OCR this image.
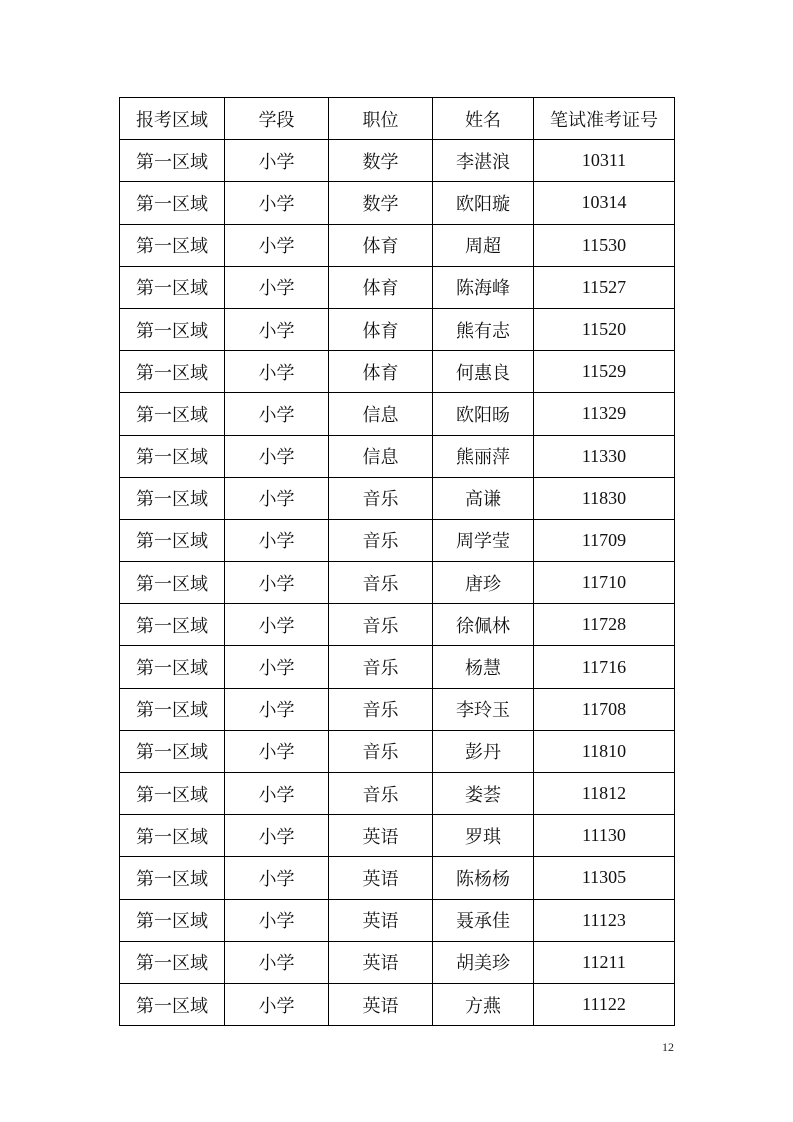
报考区域	学段	职位	姓名	笔试准考证号
第一区域	小学	数学	李湛浪	10311
第一区域	小学	数学	欧阳璇	10314
第一区域	小学	体育	周超	11530
第一区域	小学	体育	陈海峰	11527
第一区域	小学	体育	熊有志	11520
第一区域	小学	体育	何惠良	11529
第一区域	小学	信息	欧阳旸	11329
第一区域	小学	信息	熊丽萍	11330
第一区域	小学	音乐	高谦	11830
第一区域	小学	音乐	周学莹	11709
第一区域	小学	音乐	唐珍	11710
第一区域	小学	音乐	徐佩林	11728
第一区域	小学	音乐	杨慧	11716
第一区域	小学	音乐	李玲玉	11708
第一区域	小学	音乐	彭丹	11810
第一区域	小学	音乐	娄荟	11812
第一区域	小学	英语	罗琪	11130
第一区域	小学	英语	陈杨杨	11305
第一区域	小学	英语	聂承佳	11123
第一区域	小学	英语	胡美珍	11211
第一区域	小学	英语	方燕	11122
12
